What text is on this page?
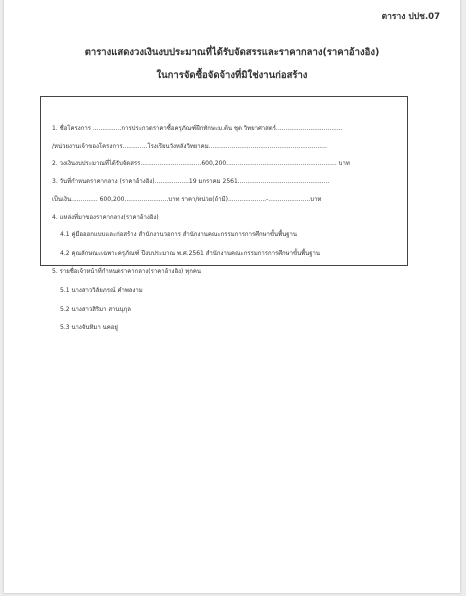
ตาราง ปปช.07
ตารางแสดงวงเงินงบประมาณที่ได้รับจัดสรรและราคากลาง(ราคาอ้างอิง)
ในการจัดซื้อจัดจ้างที่มิใช่งานก่อสร้าง
1. ชื่อโครงการ ...............การประกวดราคาซื้อครุภัณฑ์ฝึกทักษะม.ต้น ชุด วิทยาศาสตร์...................................
/หน่วยงานเจ้าของโครงการ.............โรงเรียนวังหลังวิทยาคม..............................................................
2. วงเงินงบประมาณที่ได้รับจัดสรร................................600,200.......................................................... บาท
3. วันที่กำหนดราคากลาง (ราคาอ้างอิง)..................19 มกราคม 2561................................................
เป็นเงิน.............. 600,200.......................บาท ราคา/หน่วย(ถ้ามี)....................-......................บาท
4. แหล่งที่มาของราคากลาง(ราคาอ้างอิง)
4.1 คู่มือออกแบบและก่อสร้าง สำนักงานวอการ สำนักงานคณะกรรมการการศึกษาขั้นพื้นฐาน
4.2 คุณลักษณะเฉพาะครุภัณฑ์ ปีงบประมาณ พ.ศ.2561 สำนักงานคณะกรรมการการศึกษาขั้นพื้นฐาน
5. รายชื่อเจ้าหน้าที่กำหนดราคากลาง(ราคาอ้างอิง) ทุกคน
5.1 นางสาววิลัยภรณ์ คำพลงาม
5.2 นางสาวสิริมา สานนุกุล
5.3 นางจันทิมา นคอยู่
